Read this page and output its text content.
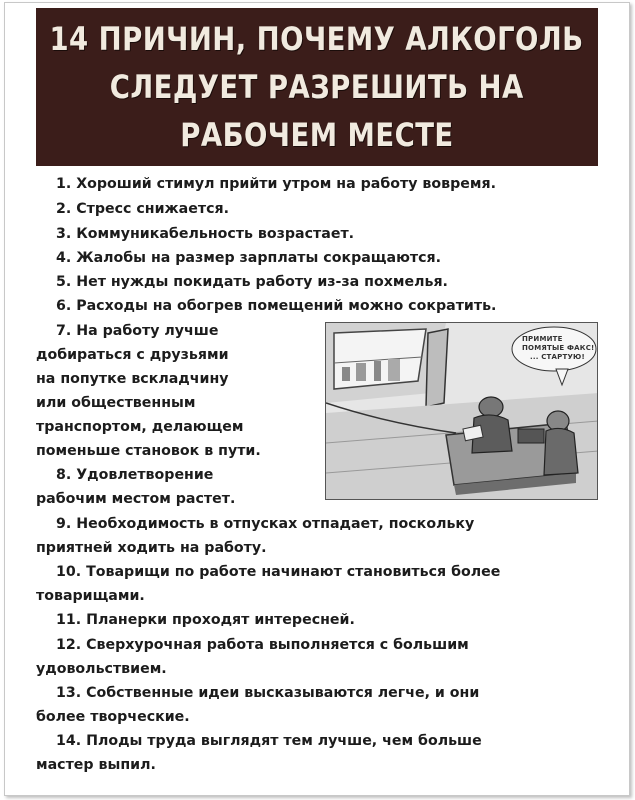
14 ПРИЧИН, ПОЧЕМУ АЛКОГОЛЬ
СЛЕДУЕТ РАЗРЕШИТЬ НА
РАБОЧЕМ МЕСТЕ
1. Хороший стимул прийти утром на работу вовремя.
2. Стресс снижается.
3. Коммуникабельность возрастает.
4. Жалобы на размер зарплаты сокращаются.
5. Нет нужды покидать работу из-за похмелья.
6. Расходы на обогрев помещений можно сократить.
7. На работу лучше
добираться с друзьями
на попутке вскладчину
или общественным
транспортом, делающем
поменьше становок в пути.
8. Удовлетворение
рабочим местом растет.
9. Необходимость в отпусках отпадает, поскольку
приятней ходить на работу.
10. Товарищи по работе начинают становиться более
товарищами.
11. Планерки проходят интересней.
12. Сверхурочная работа выполняется с большим
удовольствием.
13. Собственные идеи высказываются легче, и они
более творческие.
14. Плоды труда выглядят тем лучше, чем больше
мастер выпил.
ПРИМИТЕ
ПОМЯТЫЕ ФАКС!
... СТАРТУЮ!
